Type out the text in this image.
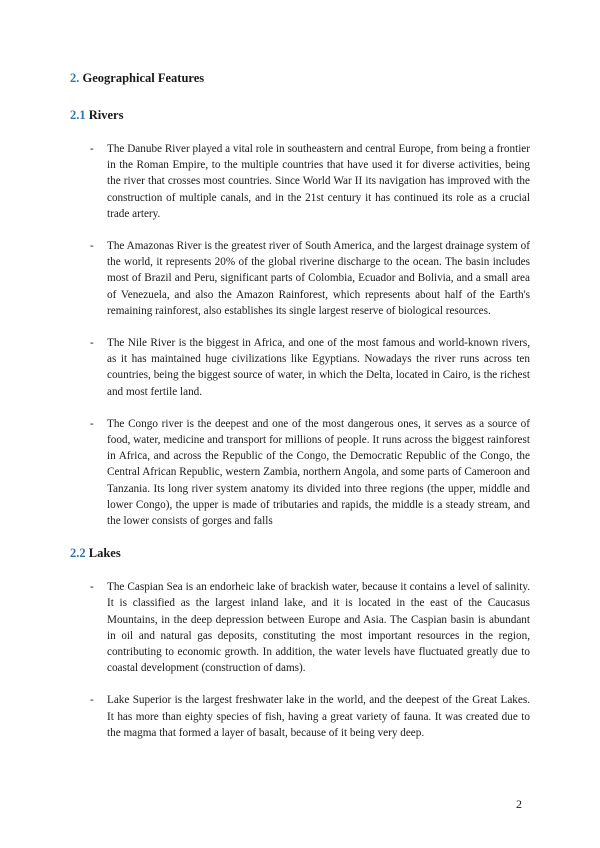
2. Geographical Features
2.1 Rivers
- The Danube River played a vital role in southeastern and central Europe, from being a frontier in the Roman Empire, to the multiple countries that have used it for diverse activities, being the river that crosses most countries. Since World War II its navigation has improved with the construction of multiple canals, and in the 21st century it has continued its role as a crucial trade artery.
- The Amazonas River is the greatest river of South America, and the largest drainage system of the world, it represents 20% of the global riverine discharge to the ocean. The basin includes most of Brazil and Peru, significant parts of Colombia, Ecuador and Bolivia, and a small area of Venezuela, and also the Amazon Rainforest, which represents about half of the Earth's remaining rainforest, also establishes its single largest reserve of biological resources.
- The Nile River is the biggest in Africa, and one of the most famous and world-known rivers, as it has maintained huge civilizations like Egyptians. Nowadays the river runs across ten countries, being the biggest source of water, in which the Delta, located in Cairo, is the richest and most fertile land.
- The Congo river is the deepest and one of the most dangerous ones, it serves as a source of food, water, medicine and transport for millions of people. It runs across the biggest rainforest in Africa, and across the Republic of the Congo, the Democratic Republic of the Congo, the Central African Republic, western Zambia, northern Angola, and some parts of Cameroon and Tanzania. Its long river system anatomy its divided into three regions (the upper, middle and lower Congo), the upper is made of tributaries and rapids, the middle is a steady stream, and the lower consists of gorges and falls
2.2 Lakes
- The Caspian Sea is an endorheic lake of brackish water, because it contains a level of salinity. It is classified as the largest inland lake, and it is located in the east of the Caucasus Mountains, in the deep depression between Europe and Asia. The Caspian basin is abundant in oil and natural gas deposits, constituting the most important resources in the region, contributing to economic growth. In addition, the water levels have fluctuated greatly due to coastal development (construction of dams).
- Lake Superior is the largest freshwater lake in the world, and the deepest of the Great Lakes. It has more than eighty species of fish, having a great variety of fauna. It was created due to the magma that formed a layer of basalt, because of it being very deep.
2
